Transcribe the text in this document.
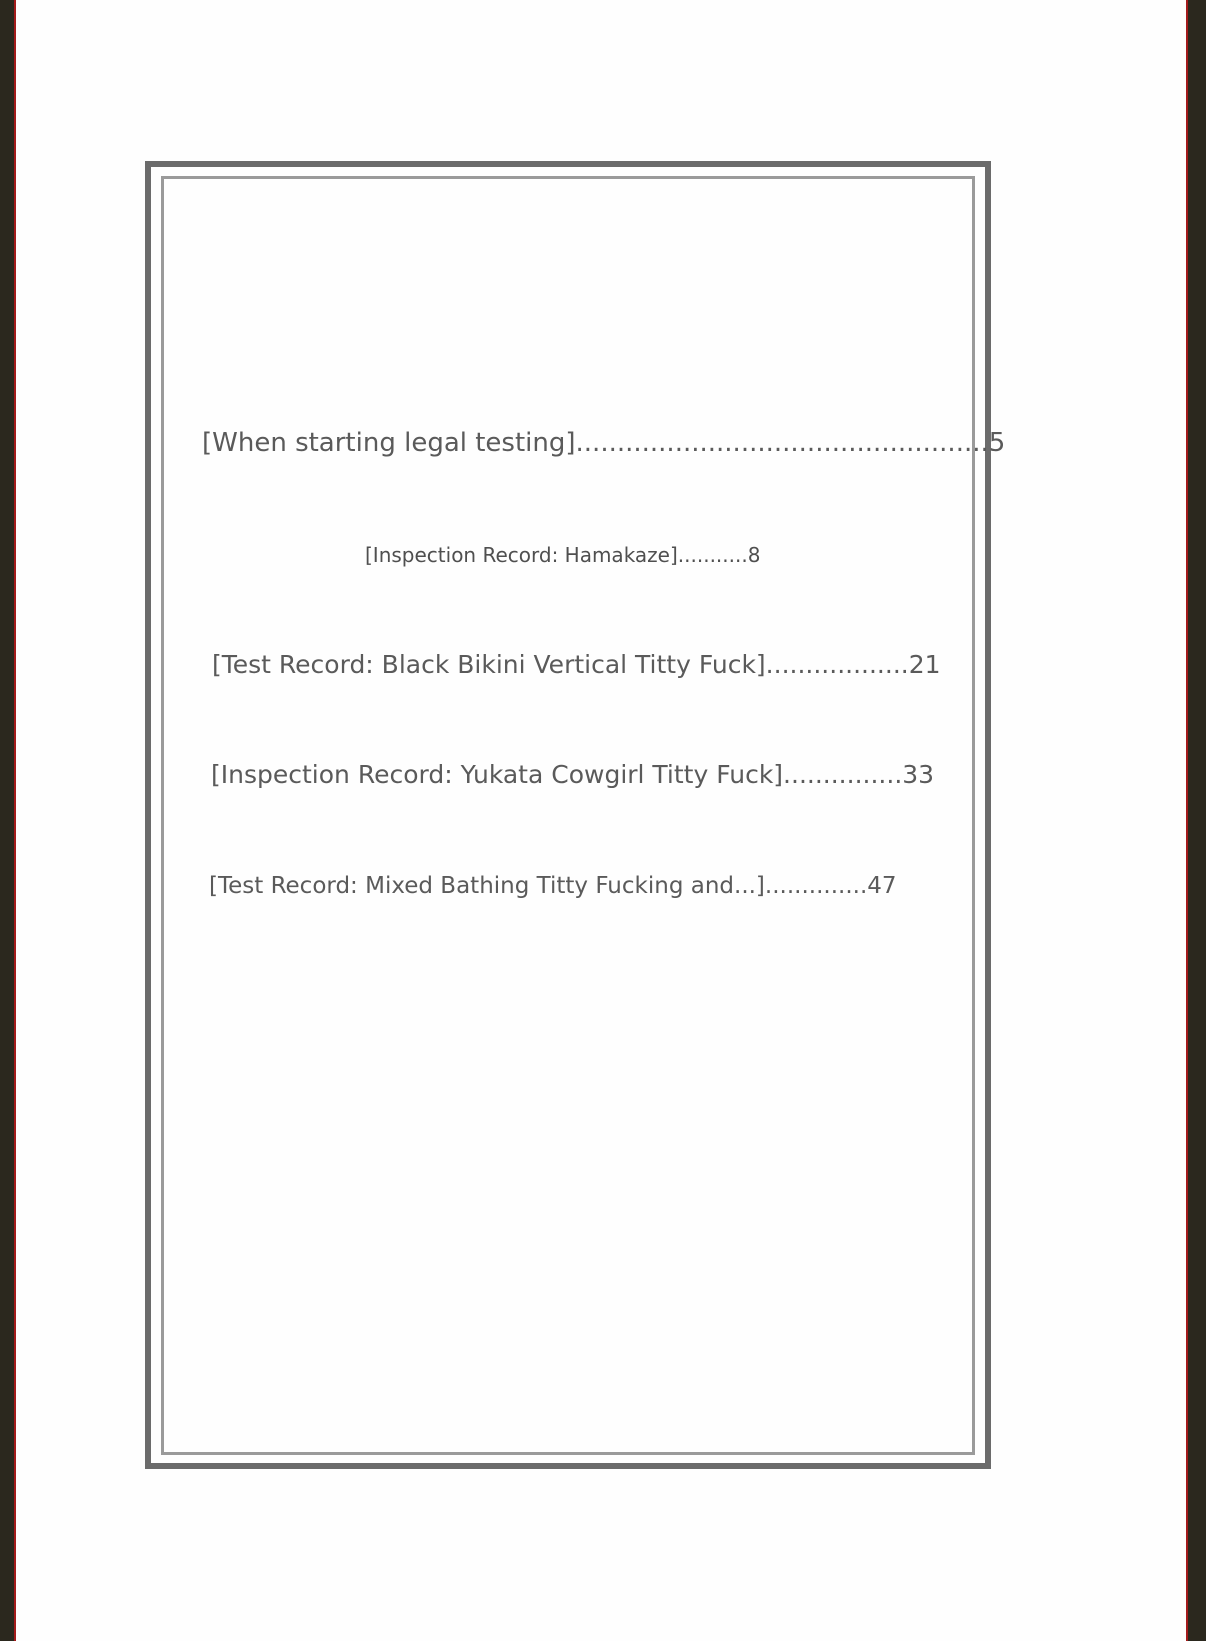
[When starting legal testing]..................................................5
[Inspection Record: Hamakaze]...........8
[Test Record: Black Bikini Vertical Titty Fuck]..................21
[Inspection Record: Yukata Cowgirl Titty Fuck]...............33
[Test Record: Mixed Bathing Titty Fucking and...]..............47
